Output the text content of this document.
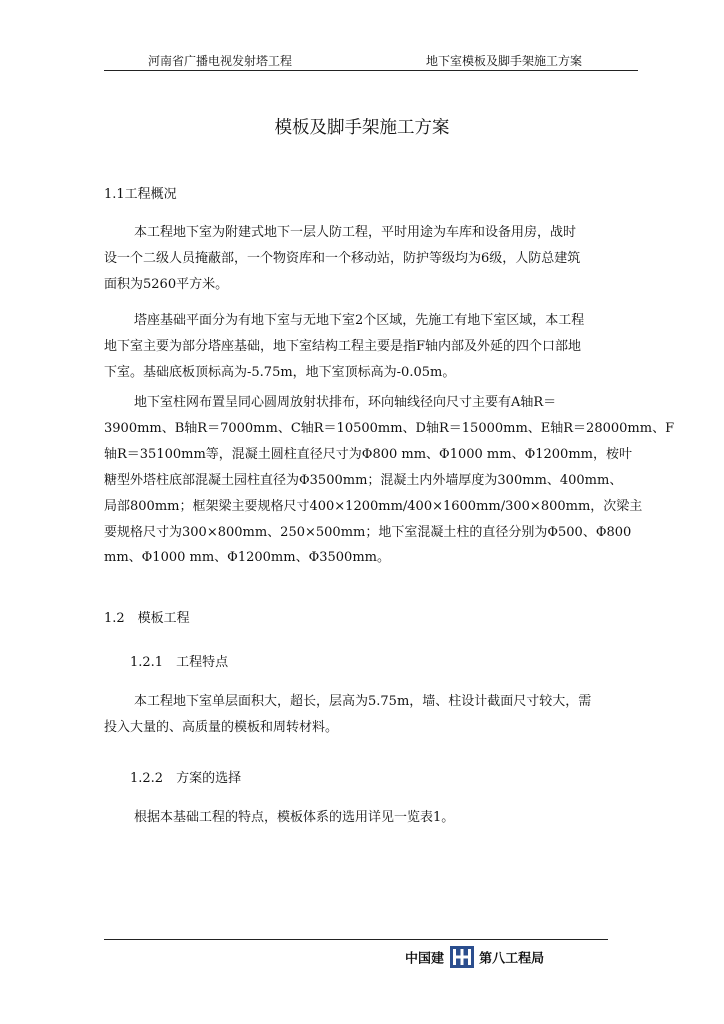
河南省广播电视发射塔工程	地下室模板及脚手架施工方案
模板及脚手架施工方案
1.1工程概况
本工程地下室为附建式地下一层人防工程，平时用途为车库和设备用房，战时
设一个二级人员掩蔽部，一个物资库和一个移动站，防护等级均为6级，人防总建筑
面积为5260平方米。
塔座基础平面分为有地下室与无地下室2个区域，先施工有地下室区域，本工程
地下室主要为部分塔座基础，地下室结构工程主要是指F轴内部及外延的四个口部地
下室。基础底板顶标高为-5.75m，地下室顶标高为-0.05m。
地下室柱网布置呈同心圆周放射状排布，环向轴线径向尺寸主要有A轴R＝
3900mm、B轴R＝7000mm、C轴R＝10500mm、D轴R＝15000mm、E轴R＝28000mm、F
轴R＝35100mm等，混凝土圆柱直径尺寸为Φ800 mm、Φ1000 mm、Φ1200mm，桉叶
糖型外塔柱底部混凝土园柱直径为Φ3500mm；混凝土内外墙厚度为300mm、400mm、
局部800mm；框架梁主要规格尺寸400×1200mm/400×1600mm/300×800mm，次梁主
要规格尺寸为300×800mm、250×500mm；地下室混凝土柱的直径分别为Φ500、Φ800
mm、Φ1000 mm、Φ1200mm、Φ3500mm。
1.2　模板工程
1.2.1　工程特点
本工程地下室单层面积大，超长，层高为5.75m，墙、柱设计截面尺寸较大，需
投入大量的、高质量的模板和周转材料。
1.2.2　方案的选择
根据本基础工程的特点，模板体系的选用详见一览表1。
中国建	第八工程局
